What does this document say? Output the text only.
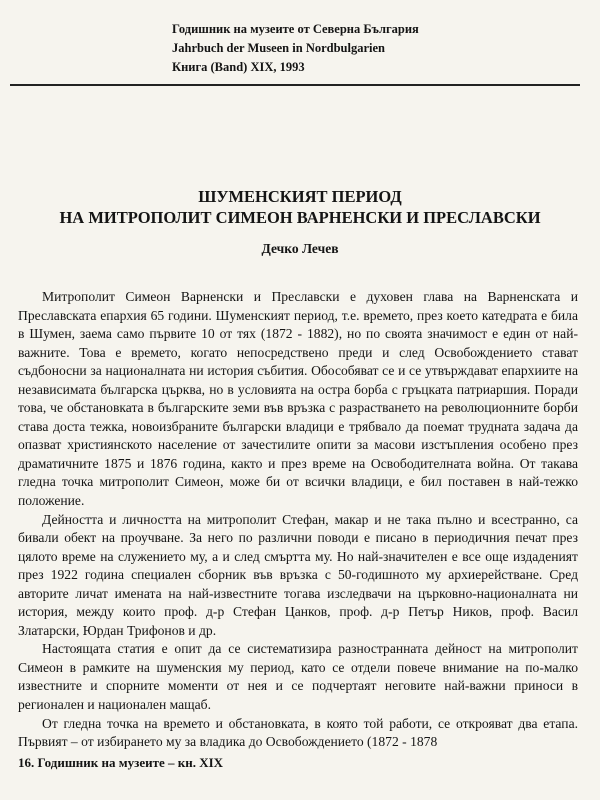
Годишник на музеите от Северна България
Jahrbuch der Museen in Nordbulgarien
Книга (Band) XIX, 1993
ШУМЕНСКИЯТ ПЕРИОД
НА МИТРОПОЛИТ СИМЕОН ВАРНЕНСКИ И ПРЕСЛАВСКИ
Дечко Лечев

Митрополит Симеон Варненски и Преславски е духовен глава на Варненската и Преславската епархия 65 години. Шуменският период, т.е. времето, през което катедрата е била в Шумен, заема само първите 10 от тях (1872 - 1882), но по своята значимост е един от най-важните. Това е времето, когато непосредствено преди и след Освобождението стават съдбоносни за националната ни история събития. Обособяват се и се утвърждават епархиите на независимата българска църква, но в условията на остра борба с гръцката патриаршия. Поради това, че обстановката в българските земи във връзка с разрастването на революционните борби става доста тежка, новоизбраните български владици е трябвало да поемат трудната задача да опазват християнското население от зачестилите опити за масови изстъпления особено през драматичните 1875 и 1876 година, както и през време на Освободителната война. От такава гледна точка митрополит Симеон, може би от всички владици, е бил поставен в най-тежко положение.

Дейността и личността на митрополит Стефан, макар и не така пълно и всестранно, са бивали обект на проучване. За него по различни поводи е писано в периодичния печат през цялото време на служението му, а и след смъртта му. Но най-значителен е все още издаденият през 1922 година специален сборник във връзка с 50-годишното му архиерействане. Сред авторите личат имената на най-известните тогава изследвачи на църковно-националната ни история, между които проф. д-р Стефан Цанков, проф. д-р Петър Ников, проф. Васил Златарски, Юрдан Трифонов и др.

Настоящата статия е опит да се систематизира разностранната дейност на митрополит Симеон в рамките на шуменския му период, като се отдели повече внимание на по-малко известните и спорните моменти от нея и се подчертаят неговите най-важни приноси в регионален и национален мащаб.

От гледна точка на времето и обстановката, в която той работи, се открояват два етапа. Първият – от избирането му за владика до Освобождението (1872 - 1878

16. Годишник на музеите – кн. XIX
